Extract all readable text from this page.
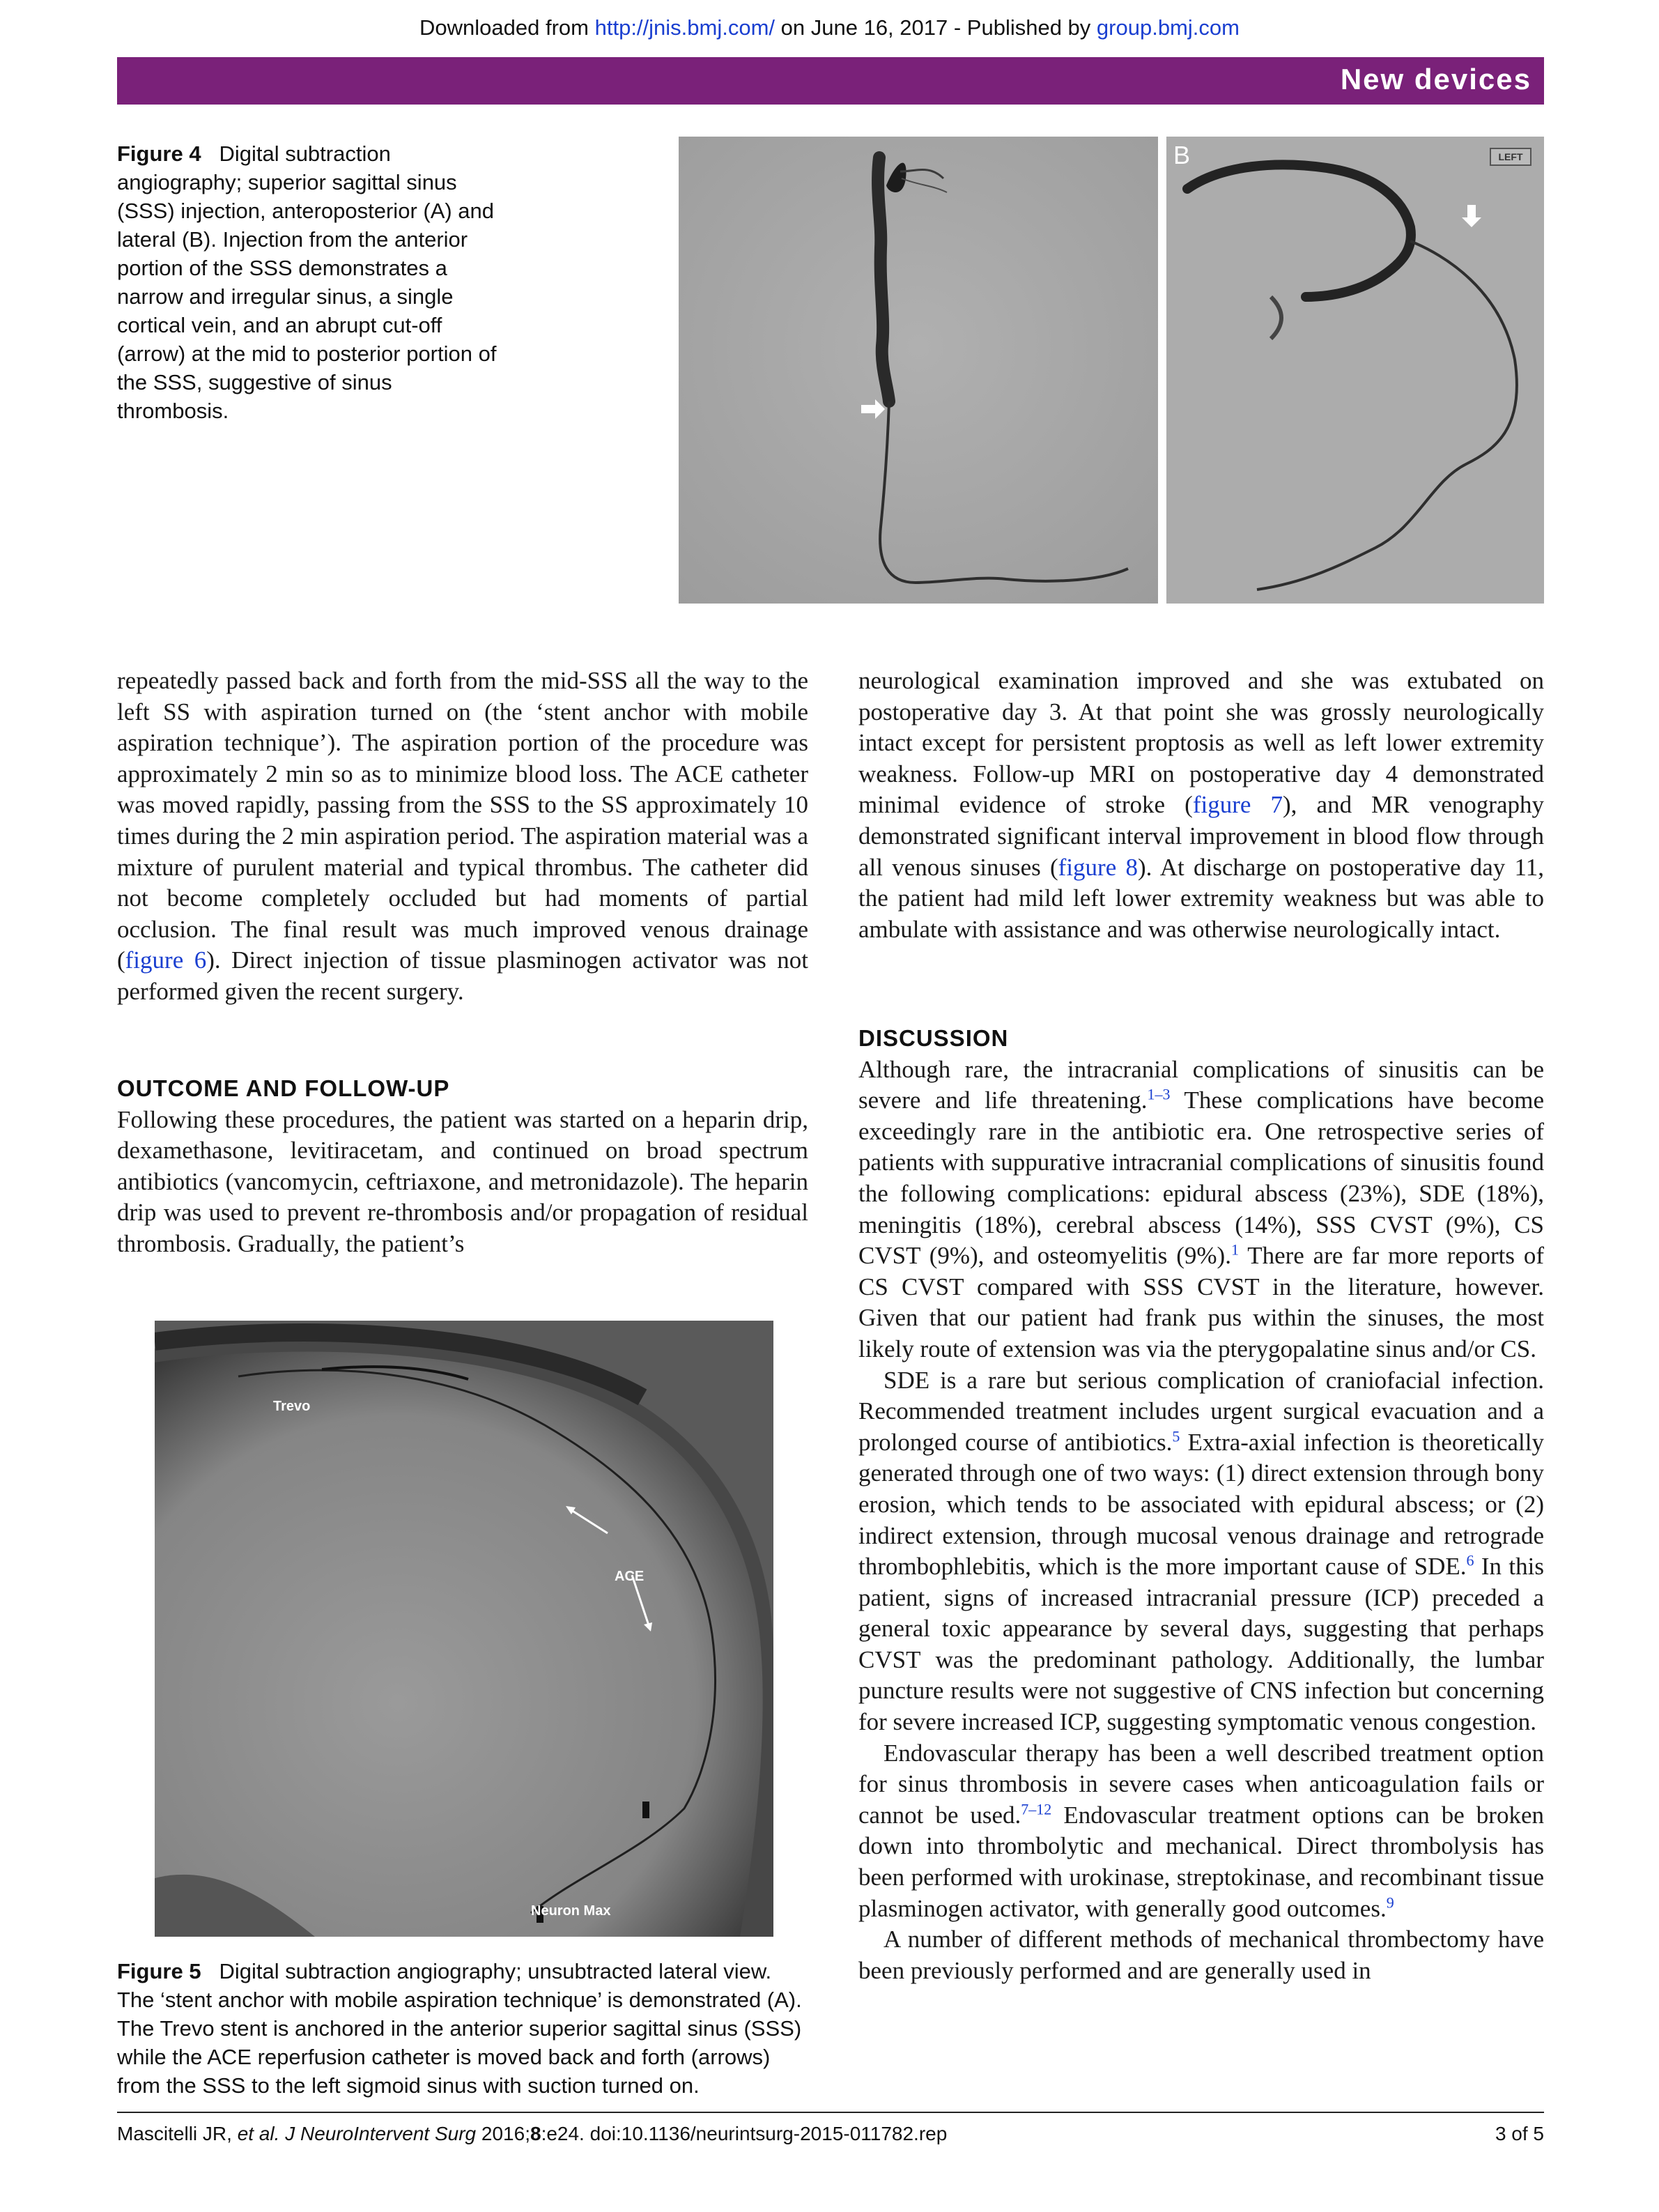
Downloaded from http://jnis.bmj.com/ on June 16, 2017 - Published by group.bmj.com
New devices
Figure 4 Digital subtraction angiography; superior sagittal sinus (SSS) injection, anteroposterior (A) and lateral (B). Injection from the anterior portion of the SSS demonstrates a narrow and irregular sinus, a single cortical vein, and an abrupt cut-off (arrow) at the mid to posterior portion of the SSS, suggestive of sinus thrombosis.
B	LEFT

repeatedly passed back and forth from the mid-SSS all the way to the left SS with aspiration turned on (the ‘stent anchor with mobile aspiration technique’). The aspiration portion of the procedure was approximately 2 min so as to minimize blood loss. The ACE catheter was moved rapidly, passing from the SSS to the SS approximately 10 times during the 2 min aspiration period. The aspiration material was a mixture of purulent material and typical thrombus. The catheter did not become completely occluded but had moments of partial occlusion. The final result was much improved venous drainage (figure 6). Direct injection of tissue plasminogen activator was not performed given the recent surgery.

OUTCOME AND FOLLOW-UP

Following these procedures, the patient was started on a heparin drip, dexamethasone, levitiracetam, and continued on broad spectrum antibiotics (vancomycin, ceftriaxone, and metronidazole). The heparin drip was used to prevent re-thrombosis and/or propagation of residual thrombosis. Gradually, the patient’s

Trevo
ACE
Neuron Max
Figure 5 Digital subtraction angiography; unsubtracted lateral view. The ‘stent anchor with mobile aspiration technique’ is demonstrated (A). The Trevo stent is anchored in the anterior superior sagittal sinus (SSS) while the ACE reperfusion catheter is moved back and forth (arrows) from the SSS to the left sigmoid sinus with suction turned on.

neurological examination improved and she was extubated on postoperative day 3. At that point she was grossly neurologically intact except for persistent proptosis as well as left lower extremity weakness. Follow-up MRI on postoperative day 4 demonstrated minimal evidence of stroke (figure 7), and MR venography demonstrated significant interval improvement in blood flow through all venous sinuses (figure 8). At discharge on postoperative day 11, the patient had mild left lower extremity weakness but was able to ambulate with assistance and was otherwise neurologically intact.

DISCUSSION

Although rare, the intracranial complications of sinusitis can be severe and life threatening.$^{1-3}$ These complications have become exceedingly rare in the antibiotic era. One retrospective series of patients with suppurative intracranial complications of sinusitis found the following complications: epidural abscess (23%), SDE (18%), meningitis (18%), cerebral abscess (14%), SSS CVST (9%), CS CVST (9%), and osteomyelitis (9%).$^1$ There are far more reports of CS CVST compared with SSS CVST in the literature, however. Given that our patient had frank pus within the sinuses, the most likely route of extension was via the pterygopalatine sinus and/or CS.

SDE is a rare but serious complication of craniofacial infection. Recommended treatment includes urgent surgical evacuation and a prolonged course of antibiotics.$^5$ Extra-axial infection is theoretically generated through one of two ways: (1) direct extension through bony erosion, which tends to be associated with epidural abscess; or (2) indirect extension, through mucosal venous drainage and retrograde thrombophlebitis, which is the more important cause of SDE.$^6$ In this patient, signs of increased intracranial pressure (ICP) preceded a general toxic appearance by several days, suggesting that perhaps CVST was the predominant pathology. Additionally, the lumbar puncture results were not suggestive of CNS infection but concerning for severe increased ICP, suggesting symptomatic venous congestion.

Endovascular therapy has been a well described treatment option for sinus thrombosis in severe cases when anticoagulation fails or cannot be used.$^{7-12}$ Endovascular treatment options can be broken down into thrombolytic and mechanical. Direct thrombolysis has been performed with urokinase, streptokinase, and recombinant tissue plasminogen activator, with generally good outcomes.$^9$

A number of different methods of mechanical thrombectomy have been previously performed and are generally used in

Mascitelli JR, et al. J NeuroIntervent Surg 2016;8:e24. doi:10.1136/neurintsurg-2015-011782.rep	3 of 5
